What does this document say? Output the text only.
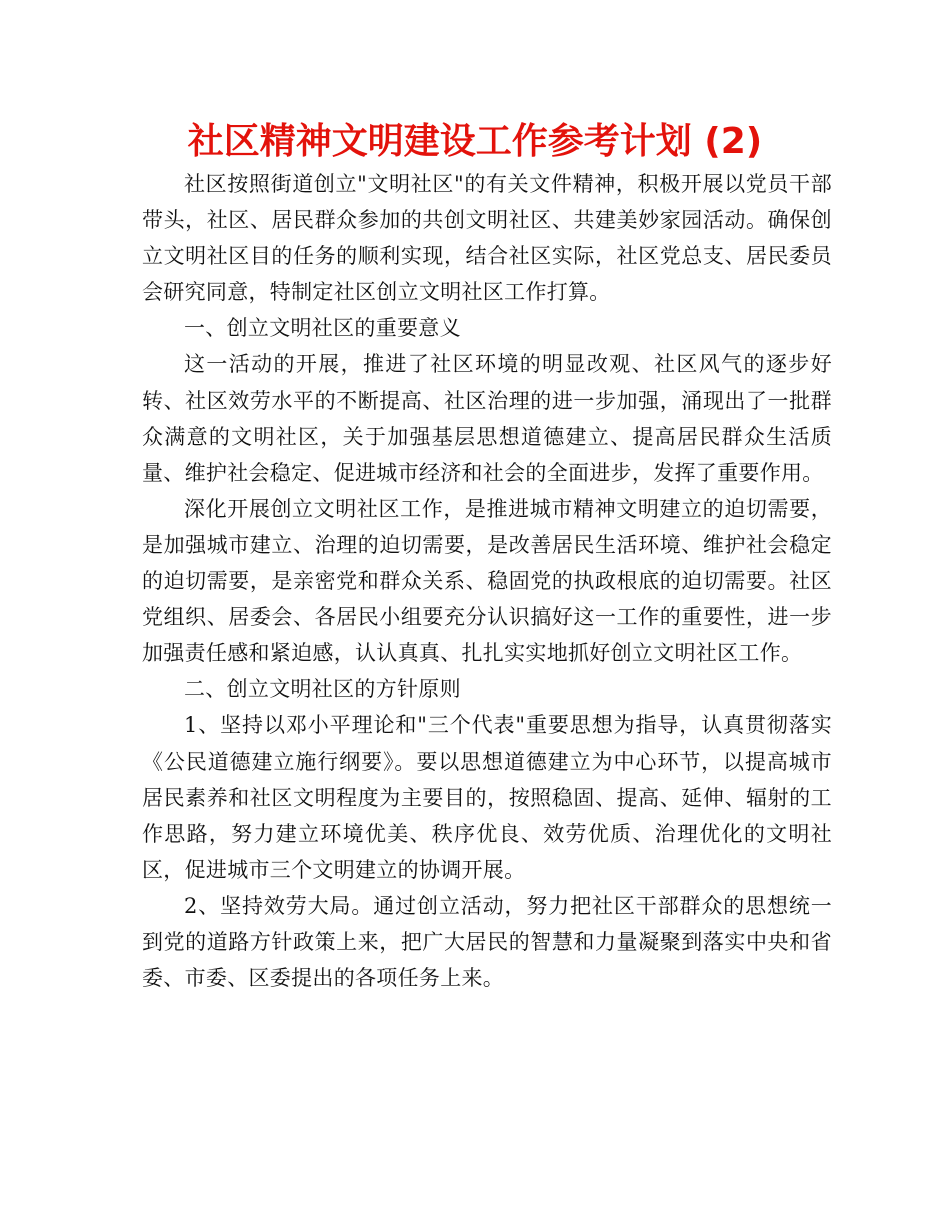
社区精神文明建设工作参考计划 (2)

社区按照街道创立"文明社区"的有关文件精神，积极开展以党员干部带头，社区、居民群众参加的共创文明社区、共建美妙家园活动。确保创立文明社区目的任务的顺利实现，结合社区实际，社区党总支、居民委员会研究同意，特制定社区创立文明社区工作打算。

一、创立文明社区的重要意义

这一活动的开展，推进了社区环境的明显改观、社区风气的逐步好转、社区效劳水平的不断提高、社区治理的进一步加强，涌现出了一批群众满意的文明社区，关于加强基层思想道德建立、提高居民群众生活质量、维护社会稳定、促进城市经济和社会的全面进步，发挥了重要作用。

深化开展创立文明社区工作，是推进城市精神文明建立的迫切需要，是加强城市建立、治理的迫切需要，是改善居民生活环境、维护社会稳定的迫切需要，是亲密党和群众关系、稳固党的执政根底的迫切需要。社区党组织、居委会、各居民小组要充分认识搞好这一工作的重要性，进一步加强责任感和紧迫感，认认真真、扎扎实实地抓好创立文明社区工作。

二、创立文明社区的方针原则

1、坚持以邓小平理论和"三个代表"重要思想为指导，认真贯彻落实《公民道德建立施行纲要》。要以思想道德建立为中心环节，以提高城市居民素养和社区文明程度为主要目的，按照稳固、提高、延伸、辐射的工作思路，努力建立环境优美、秩序优良、效劳优质、治理优化的文明社区，促进城市三个文明建立的协调开展。

2、坚持效劳大局。通过创立活动，努力把社区干部群众的思想统一到党的道路方针政策上来，把广大居民的智慧和力量凝聚到落实中央和省委、市委、区委提出的各项任务上来。
